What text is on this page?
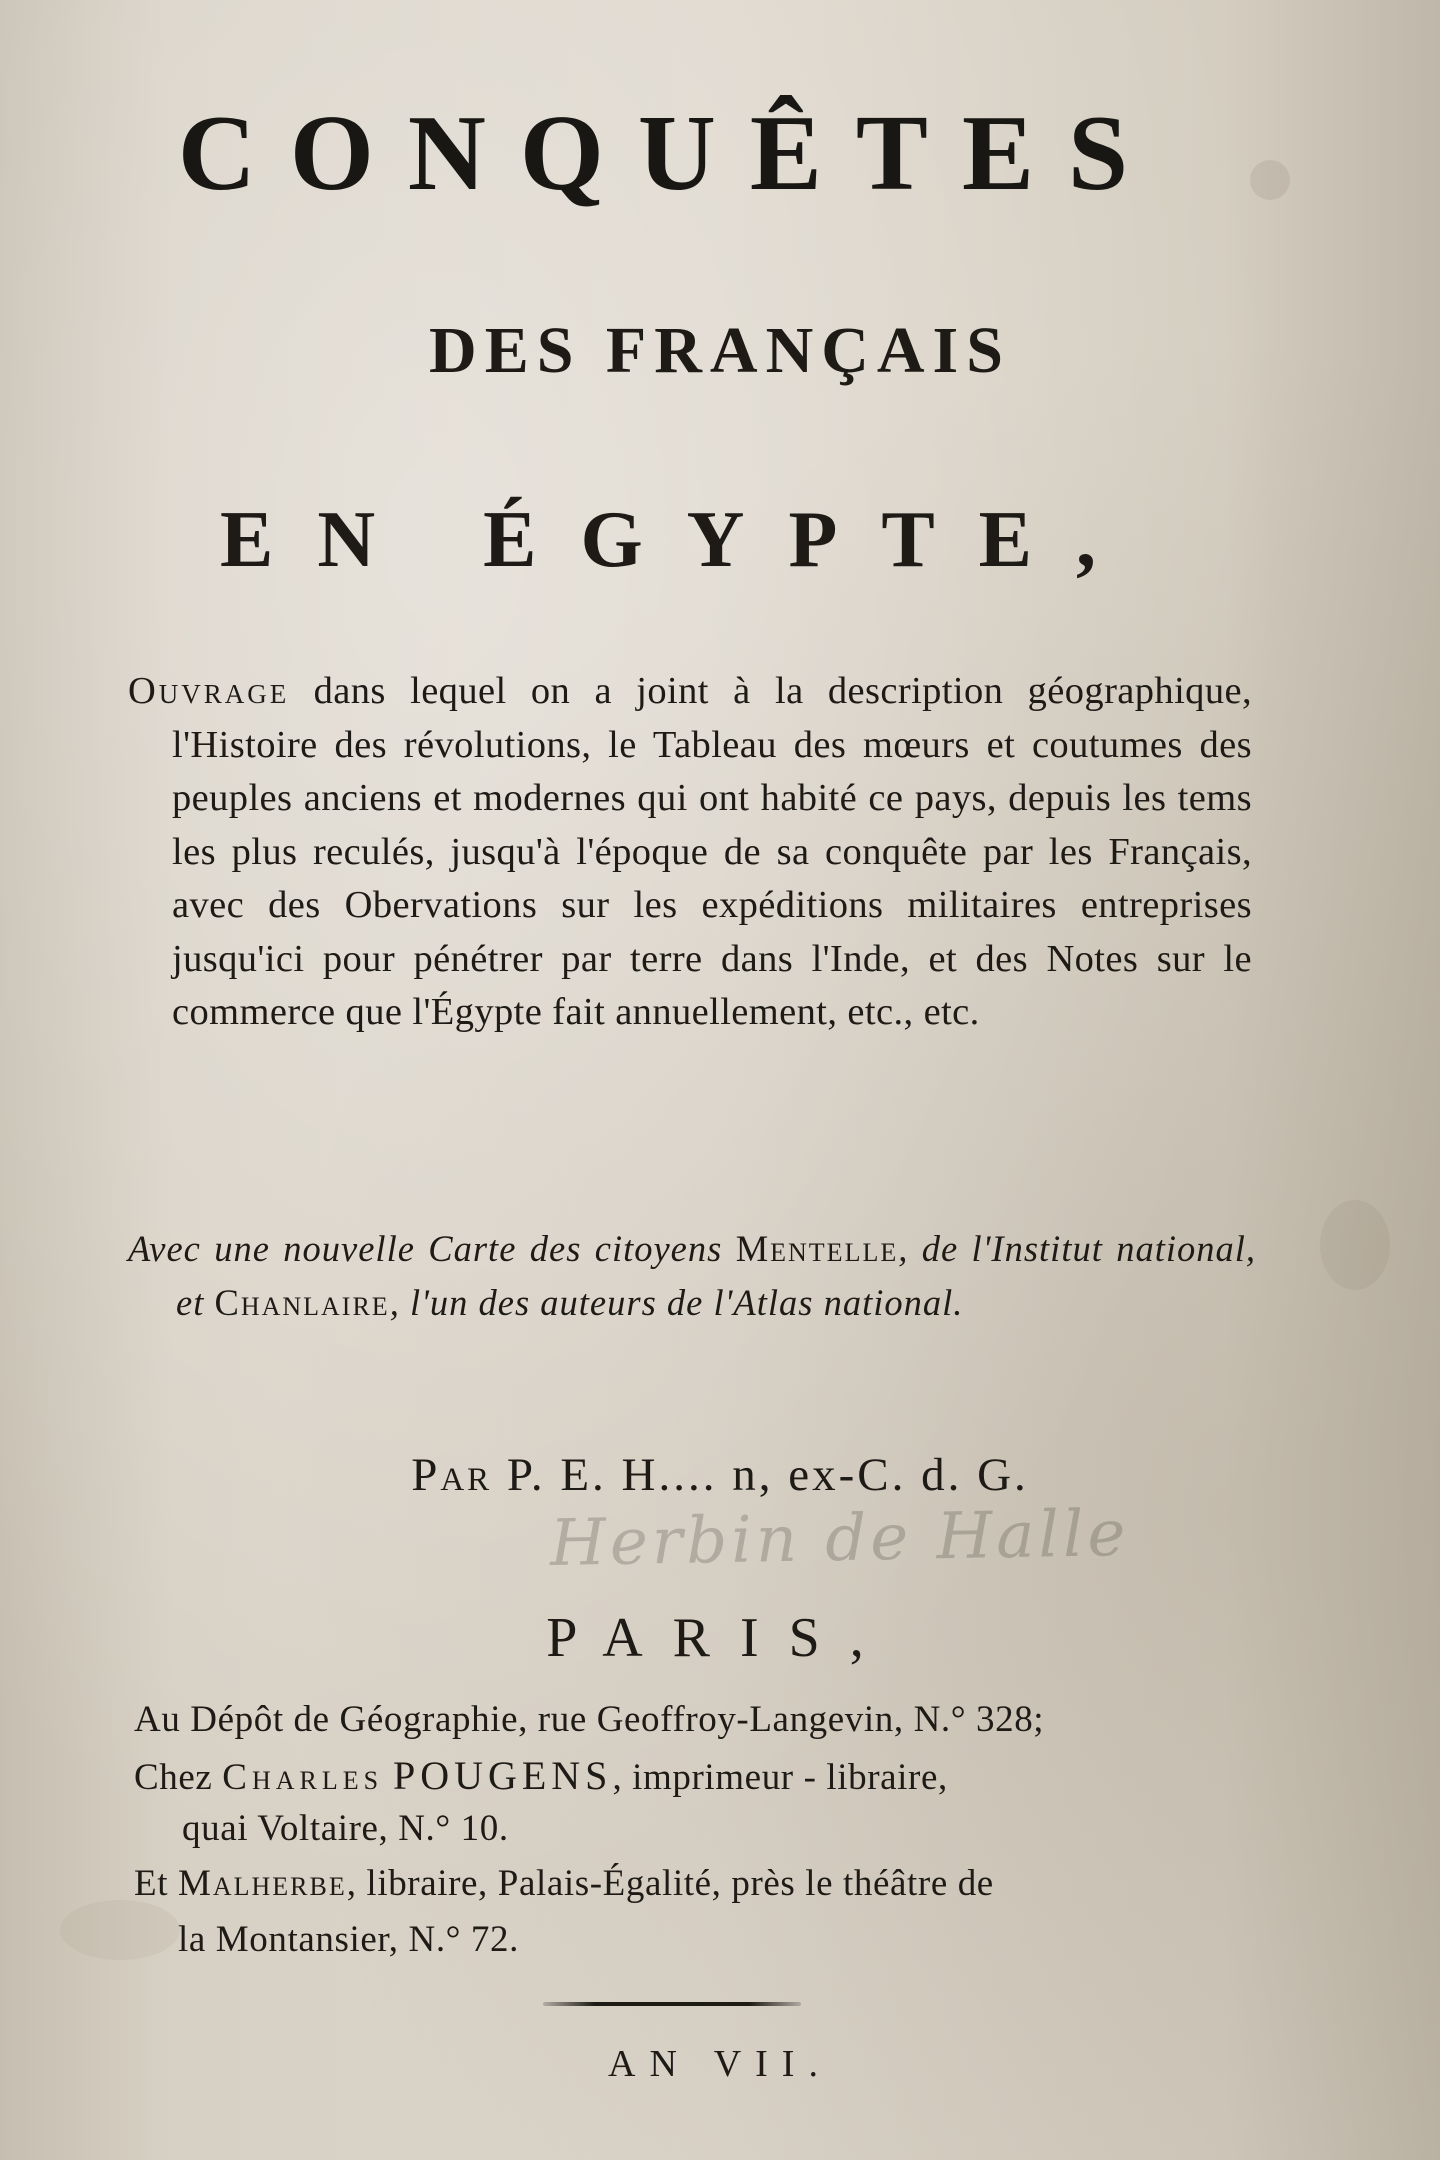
CONQUÊTES
DES FRANÇAIS
EN ÉGYPTE,

Ouvrage dans lequel on a joint à la description géographique, l'Histoire des révolutions, le Tableau des mœurs et coutumes des peuples anciens et modernes qui ont habité ce pays, depuis les tems les plus reculés, jusqu'à l'époque de sa conquête par les Français, avec des Obervations sur les expéditions militaires entreprises jusqu'ici pour pénétrer par terre dans l'Inde, et des Notes sur le commerce que l'Égypte fait annuellement, etc., etc.

Avec une nouvelle Carte des citoyens Mentelle, de l'Institut national, et Chanlaire, l'un des auteurs de l'Atlas national.

Par P. E. H.... n, ex-C. d. G.
Herbin de Halle
PARIS,
Au Dépôt de Géographie, rue Geoffroy-Langevin, N.° 328;
Chez Charles POUGENS, imprimeur - libraire,
quai Voltaire, N.° 10.
Et Malherbe, libraire, Palais-Égalité, près le théâtre de
la Montansier, N.° 72.
AN VII.
